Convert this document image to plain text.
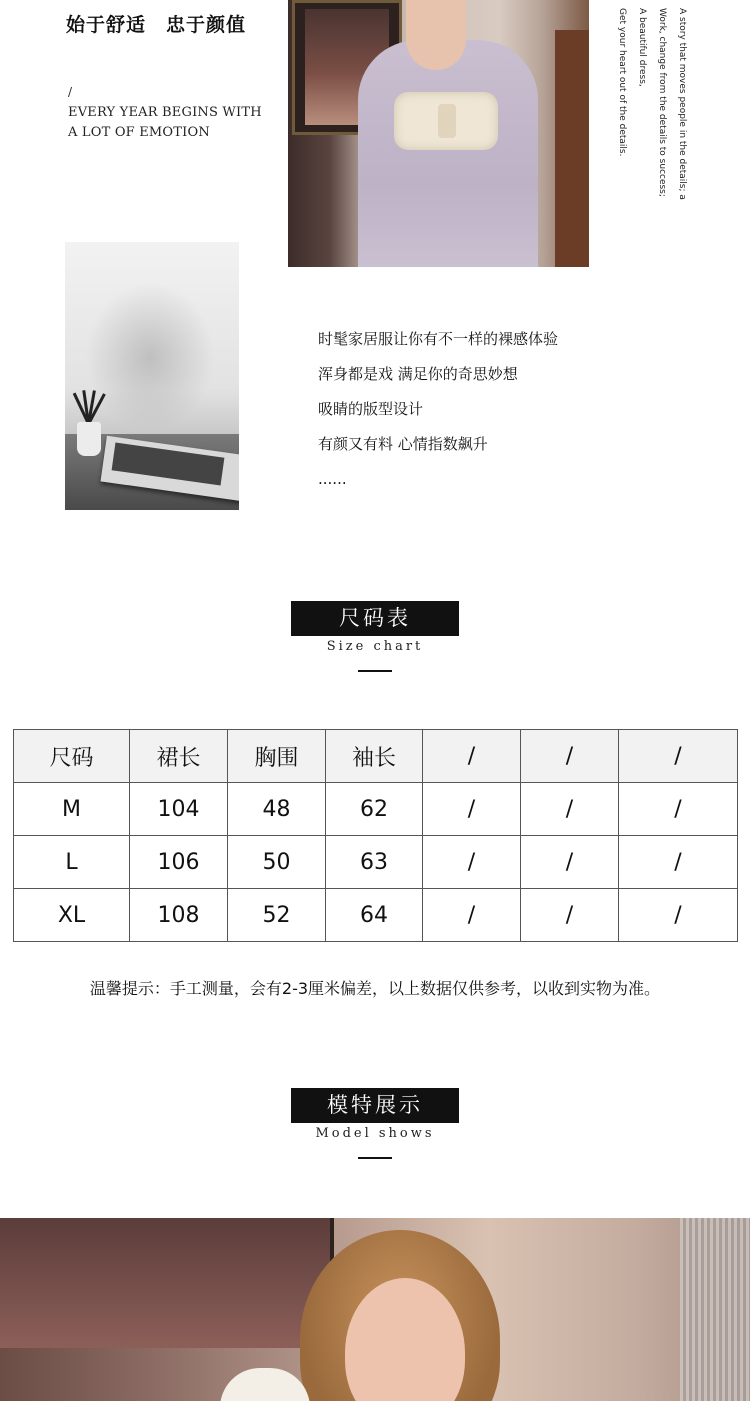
始于舒适　忠于颜值
/
EVERY YEAR BEGINS WITH
A LOT OF EMOTION	A story that moves people in the details; a
Work, change from the details to success;
A beautiful dress,
Get your heart out of the details.
时髦家居服让你有不一样的裸感体验
浑身都是戏 满足你的奇思妙想
吸睛的版型设计
有颜又有料 心情指数飙升
......
尺码表
Size chart
尺码	裙长	胸围	袖长	/	/	/
M	104	48	62	/	/	/
L	106	50	63	/	/	/
XL	108	52	64	/	/	/
温馨提示：手工测量，会有2-3厘米偏差，以上数据仅供参考，以收到实物为准。
模特展示
Model shows
